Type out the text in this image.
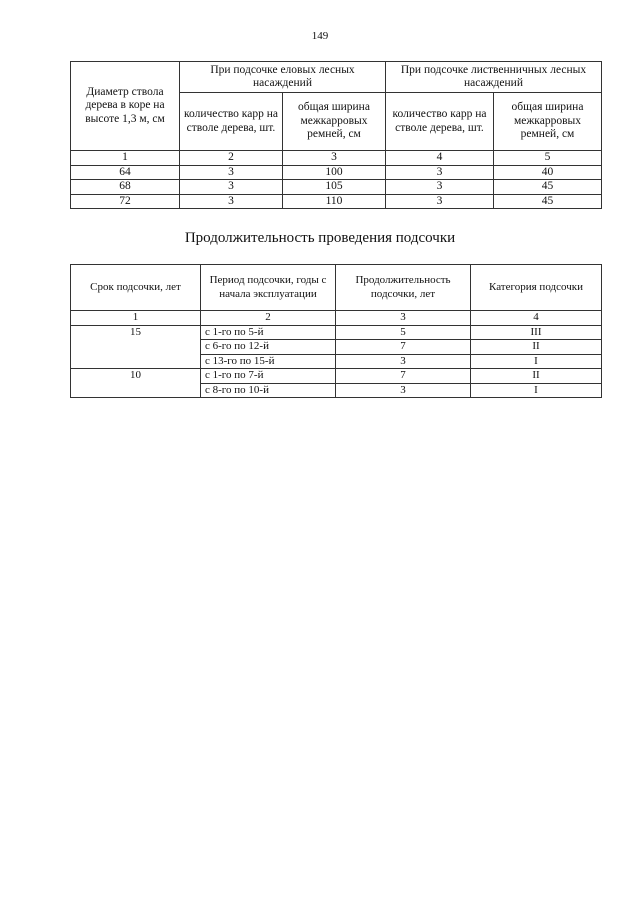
149
Диаметр ствола дерева в коре на высоте 1,3 м, см	При подсочке еловых лесных насаждений		При подсочке лиственничных лесных насаждений	
	количество карр на стволе дерева, шт.	общая ширина межкарровых ремней, см	количество карр на стволе дерева, шт.	общая ширина межкарровых ремней, см
1	2	3	4	5
64	3	100	3	40
68	3	105	3	45
72	3	110	3	45
Продолжительность проведения подсочки
Срок подсочки, лет	Период подсочки, годы с начала эксплуатации	Продолжительность подсочки, лет	Категория подсочки
1	2	3	4
15	с 1-го по 5-й	5	III
	с 6-го по 12-й	7	II
	с 13-го по 15-й	3	I
10	с 1-го по 7-й	7	II
	с 8-го по 10-й	3	I
